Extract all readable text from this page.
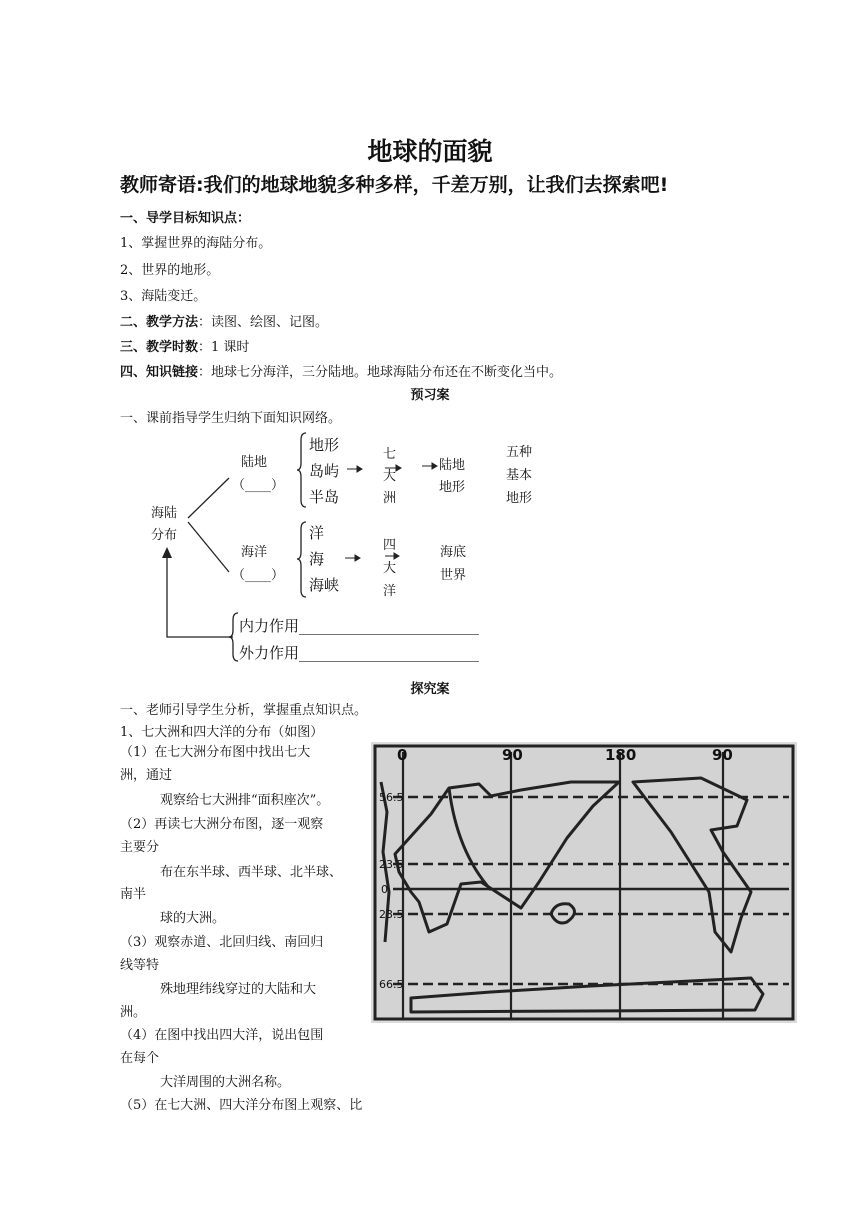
地球的面貌
教师寄语:我们的地球地貌多种多样，千差万别，让我们去探索吧!
一、导学目标知识点：
1、掌握世界的海陆分布。
2、世界的地形。
3、海陆变迁。
二、教学方法：读图、绘图、记图。
三、教学时数：1 课时
四、知识链接：地球七分海洋，三分陆地。地球海陆分布还在不断变化当中。
预习案
一、课前指导学生归纳下面知识网络。
海陆
分布
陆地
（____）
地形
岛屿
半岛
七
大
洲
陆地
地形
五种
基本
地形
海洋
（____）
洋
海
海峡
四
大
洋
海底
世界
内力作用________________________
外力作用________________________
探究案
一、老师引导学生分析，掌握重点知识点。
1、七大洲和四大洋的分布（如图）
（1）在七大洲分布图中找出七大
洲，通过
观察给七大洲排“面积座次”。
（2）再读七大洲分布图，逐一观察
主要分
布在东半球、西半球、北半球、
南半
球的大洲。
（3）观察赤道、北回归线、南回归
线等特
殊地理纬线穿过的大陆和大
洲。
（4）在图中找出四大洋，说出包围
在每个
大洋周围的大洲名称。
（5）在七大洲、四大洋分布图上观察、比
0	90	180	90
56.5
23.5
0
23.5
66.5
